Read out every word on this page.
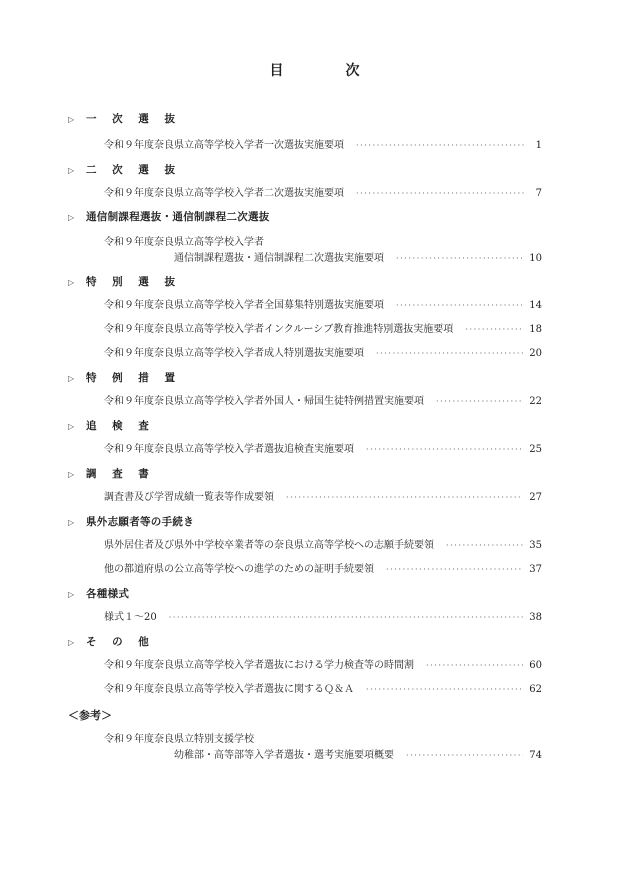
目	次
▷ 一 次 選 抜
令和９年度奈良県立高等学校入学者一次選抜実施要項 ·····	1
▷ 二 次 選 抜
令和９年度奈良県立高等学校入学者二次選抜実施要項 ·····	7
▷ 通信制課程選抜・通信制課程二次選抜
令和９年度奈良県立高等学校入学者
通信制課程選抜・通信制課程二次選抜実施要項 ·····	10
▷ 特 別 選 抜
令和９年度奈良県立高等学校入学者全国募集特別選抜実施要項 ·····	14
令和９年度奈良県立高等学校入学者インクルーシブ教育推進特別選抜実施要項 ·····	18
令和９年度奈良県立高等学校入学者成人特別選抜実施要項 ·····	20
▷ 特 例 措 置
令和９年度奈良県立高等学校入学者外国人・帰国生徒特例措置実施要項 ·····	22
▷ 追 検 査
令和９年度奈良県立高等学校入学者選抜追検査実施要項 ·····	25
▷ 調 査 書
調査書及び学習成績一覧表等作成要領 ·····	27
▷ 県外志願者等の手続き
県外居住者及び県外中学校卒業者等の奈良県立高等学校への志願手続要領 ·····	35
他の都道府県の公立高等学校への進学のための証明手続要領 ·····	37
▷ 各種様式
様式１～20 ·····	38
▷ そ の 他
令和９年度奈良県立高等学校入学者選抜における学力検査等の時間割 ·····	60
令和９年度奈良県立高等学校入学者選抜に関するＱ＆Ａ ·····	62
＜参考＞
令和９年度奈良県立特別支援学校
幼稚部・高等部等入学者選抜・選考実施要項概要 ·····	74
